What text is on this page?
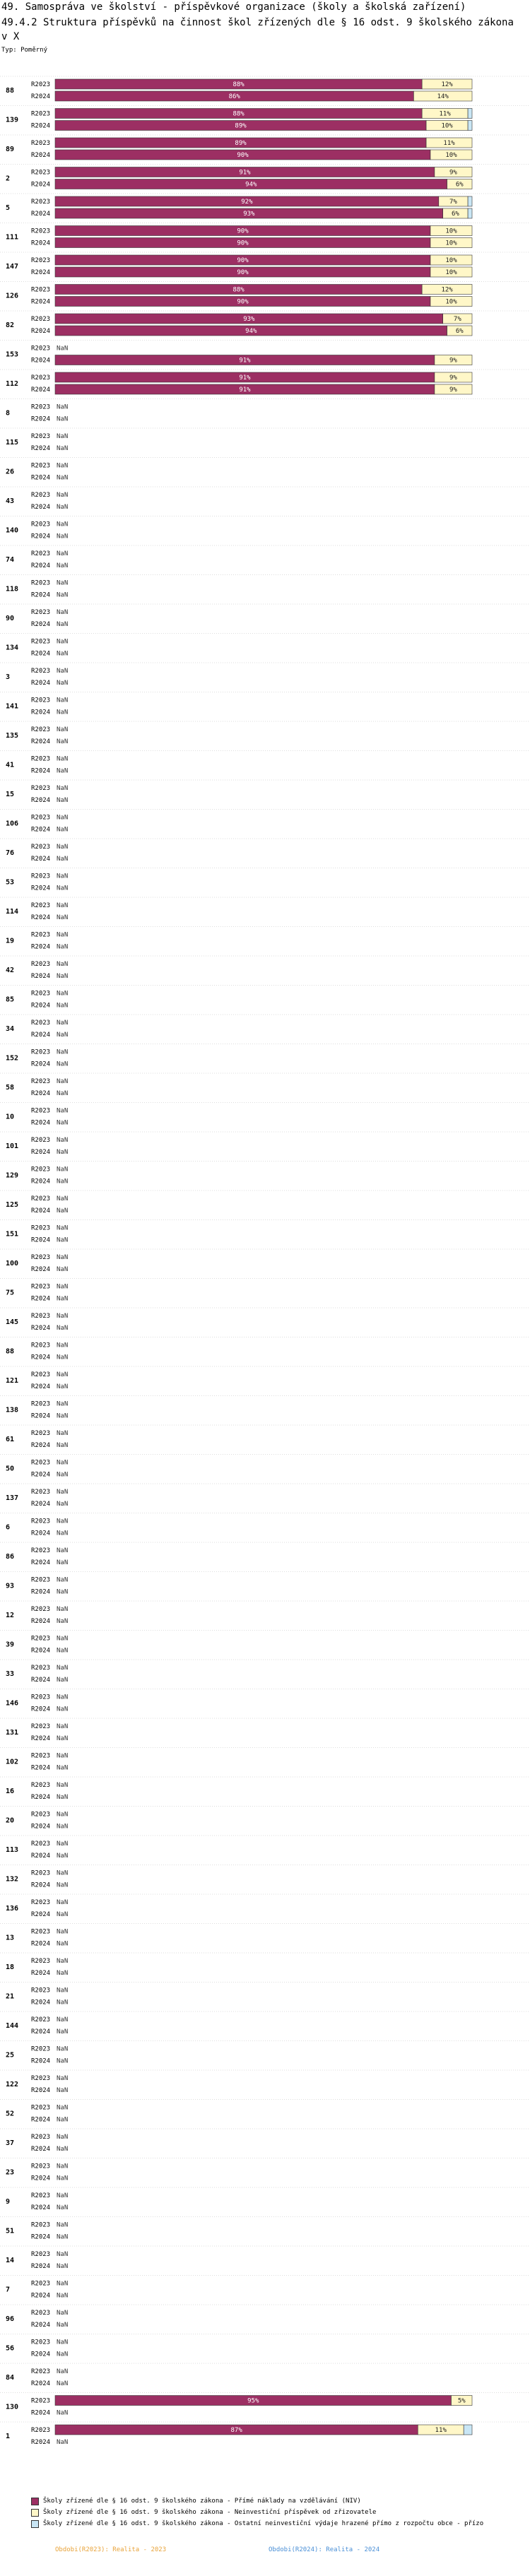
49. Samospráva ve školství - příspěvkové organizace (školy a školská zařízení)
49.4.2 Struktura příspěvků na činnost škol zřízených dle § 16 odst. 9 školského zákona v X
Typ: Poměrný
88
R2023	88%	12%
R2024	86%	14%
139
R2023	88%	11%
R2024	89%	10%
89
R2023	89%	11%
R2024	90%	10%
2
R2023	91%	9%
R2024	94%	6%
5
R2023	92%	7%
R2024	93%	6%
111
R2023	90%	10%
R2024	90%	10%
147
R2023	90%	10%
R2024	90%	10%
126
R2023	88%	12%
R2024	90%	10%
82
R2023	93%	7%
R2024	94%	6%
153
R2023 NaN
R2024	91%	9%
112
R2023	91%	9%
R2024	91%	9%
8
R2023 NaN
R2024 NaN
115
R2023 NaN
R2024 NaN
26
R2023 NaN
R2024 NaN
43
R2023 NaN
R2024 NaN
140
R2023 NaN
R2024 NaN
74
R2023 NaN
R2024 NaN
118
R2023 NaN
R2024 NaN
90
R2023 NaN
R2024 NaN
134
R2023 NaN
R2024 NaN
3
R2023 NaN
R2024 NaN
141
R2023 NaN
R2024 NaN
135
R2023 NaN
R2024 NaN
41
R2023 NaN
R2024 NaN
15
R2023 NaN
R2024 NaN
106
R2023 NaN
R2024 NaN
76
R2023 NaN
R2024 NaN
53
R2023 NaN
R2024 NaN
114
R2023 NaN
R2024 NaN
19
R2023 NaN
R2024 NaN
42
R2023 NaN
R2024 NaN
85
R2023 NaN
R2024 NaN
34
R2023 NaN
R2024 NaN
152
R2023 NaN
R2024 NaN
58
R2023 NaN
R2024 NaN
10
R2023 NaN
R2024 NaN
101
R2023 NaN
R2024 NaN
129
R2023 NaN
R2024 NaN
125
R2023 NaN
R2024 NaN
151
R2023 NaN
R2024 NaN
100
R2023 NaN
R2024 NaN
75
R2023 NaN
R2024 NaN
145
R2023 NaN
R2024 NaN
88
R2023 NaN
R2024 NaN
121
R2023 NaN
R2024 NaN
138
R2023 NaN
R2024 NaN
61
R2023 NaN
R2024 NaN
50
R2023 NaN
R2024 NaN
137
R2023 NaN
R2024 NaN
6
R2023 NaN
R2024 NaN
86
R2023 NaN
R2024 NaN
93
R2023 NaN
R2024 NaN
12
R2023 NaN
R2024 NaN
39
R2023 NaN
R2024 NaN
33
R2023 NaN
R2024 NaN
146
R2023 NaN
R2024 NaN
131
R2023 NaN
R2024 NaN
102
R2023 NaN
R2024 NaN
16
R2023 NaN
R2024 NaN
20
R2023 NaN
R2024 NaN
113
R2023 NaN
R2024 NaN
132
R2023 NaN
R2024 NaN
136
R2023 NaN
R2024 NaN
13
R2023 NaN
R2024 NaN
18
R2023 NaN
R2024 NaN
21
R2023 NaN
R2024 NaN
144
R2023 NaN
R2024 NaN
25
R2023 NaN
R2024 NaN
122
R2023 NaN
R2024 NaN
52
R2023 NaN
R2024 NaN
37
R2023 NaN
R2024 NaN
23
R2023 NaN
R2024 NaN
9
R2023 NaN
R2024 NaN
51
R2023 NaN
R2024 NaN
14
R2023 NaN
R2024 NaN
7
R2023 NaN
R2024 NaN
96
R2023 NaN
R2024 NaN
56
R2023 NaN
R2024 NaN
84
R2023 NaN
R2024 NaN
130
R2023	95%	5%
R2024 NaN
1
R2023	87%	11%
R2024 NaN
Školy zřízené dle § 16 odst. 9 školského zákona - Přímé náklady na vzdělávání (NIV)
Školy zřízené dle § 16 odst. 9 školského zákona - Neinvestiční příspěvek od zřizovatele
Školy zřízené dle § 16 odst. 9 školského zákona - Ostatní neinvestiční výdaje hrazené přímo z rozpočtu obce - přízo
Obdobi(R2023): Realita - 2023	Obdobi(R2024): Realita - 2024
